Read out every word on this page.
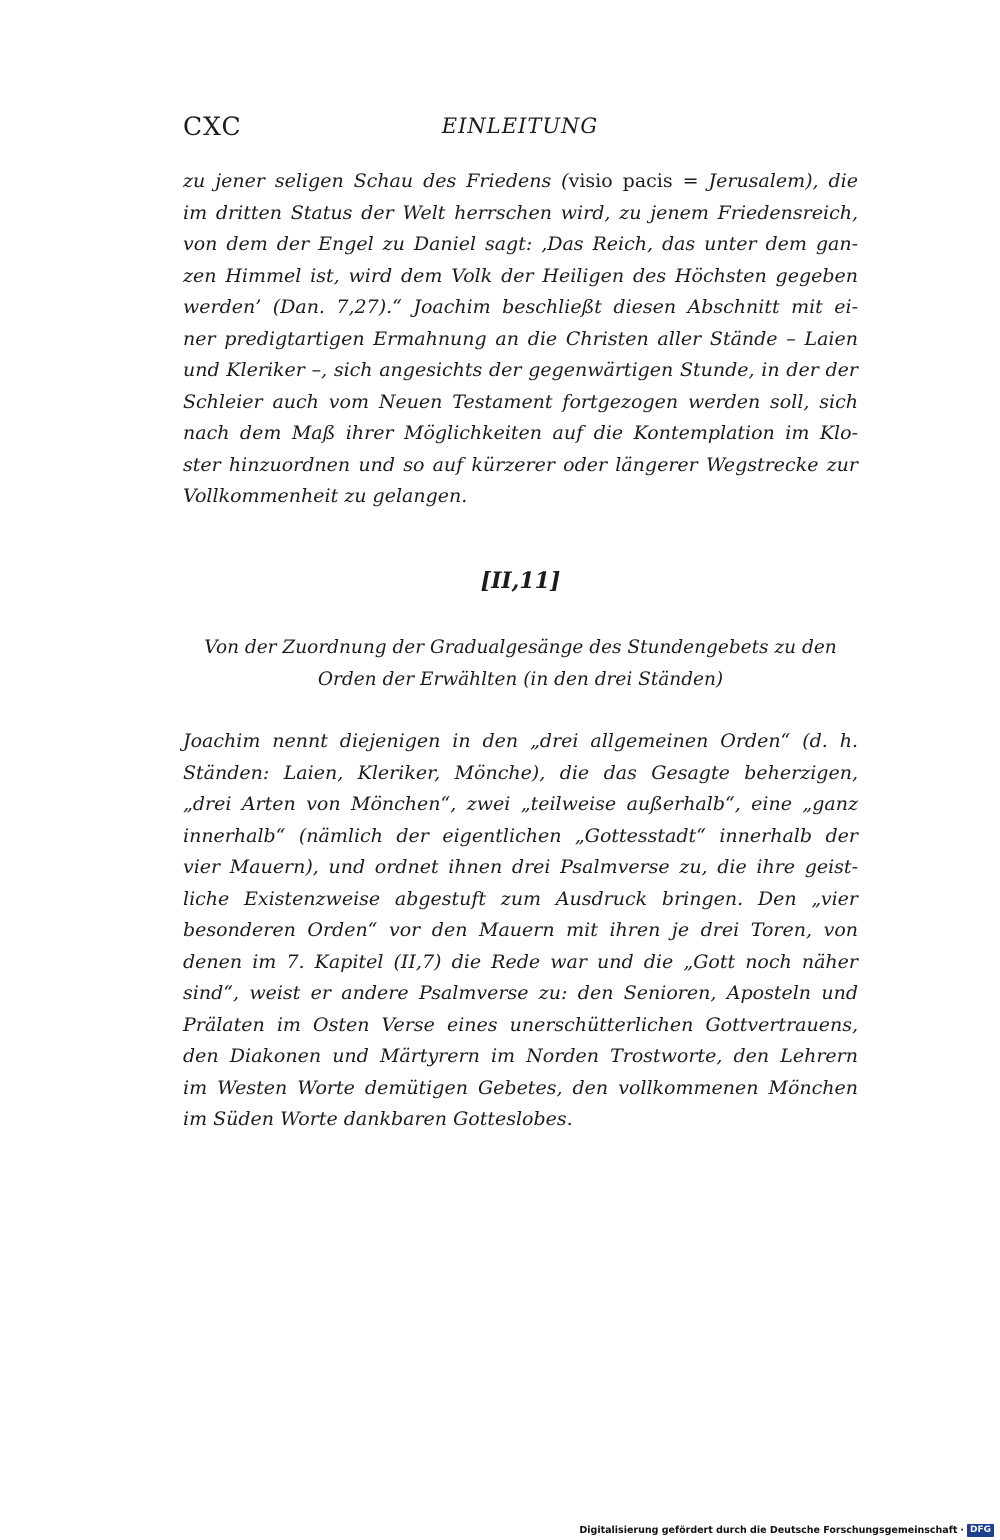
CXC	EINLEITUNG
zu jener seligen Schau des Friedens (visio pacis = Jerusalem), die
im dritten Status der Welt herrschen wird, zu jenem Friedensreich,
von dem der Engel zu Daniel sagt: ‚Das Reich, das unter dem gan-
zen Himmel ist, wird dem Volk der Heiligen des Höchsten gegeben
werden’ (Dan. 7,27).“ Joachim beschließt diesen Abschnitt mit ei-
ner predigtartigen Ermahnung an die Christen aller Stände – Laien
und Kleriker –, sich angesichts der gegenwärtigen Stunde, in der der
Schleier auch vom Neuen Testament fortgezogen werden soll, sich
nach dem Maß ihrer Möglichkeiten auf die Kontemplation im Klo-
ster hinzuordnen und so auf kürzerer oder längerer Wegstrecke zur
Vollkommenheit zu gelangen.
[II,11]
Von der Zuordnung der Gradualgesänge des Stundengebets zu den
Orden der Erwählten (in den drei Ständen)
Joachim nennt diejenigen in den „drei allgemeinen Orden“ (d. h.
Ständen: Laien, Kleriker, Mönche), die das Gesagte beherzigen,
„drei Arten von Mönchen“, zwei „teilweise außerhalb“, eine „ganz
innerhalb“ (nämlich der eigentlichen „Gottesstadt“ innerhalb der
vier Mauern), und ordnet ihnen drei Psalmverse zu, die ihre geist-
liche Existenzweise abgestuft zum Ausdruck bringen. Den „vier
besonderen Orden“ vor den Mauern mit ihren je drei Toren, von
denen im 7. Kapitel (II,7) die Rede war und die „Gott noch näher
sind“, weist er andere Psalmverse zu: den Senioren, Aposteln und
Prälaten im Osten Verse eines unerschütterlichen Gottvertrauens,
den Diakonen und Märtyrern im Norden Trostworte, den Lehrern
im Westen Worte demütigen Gebetes, den vollkommenen Mönchen
im Süden Worte dankbaren Gotteslobes.
Digitalisierung gefördert durch die Deutsche Forschungsgemeinschaft · DFG
